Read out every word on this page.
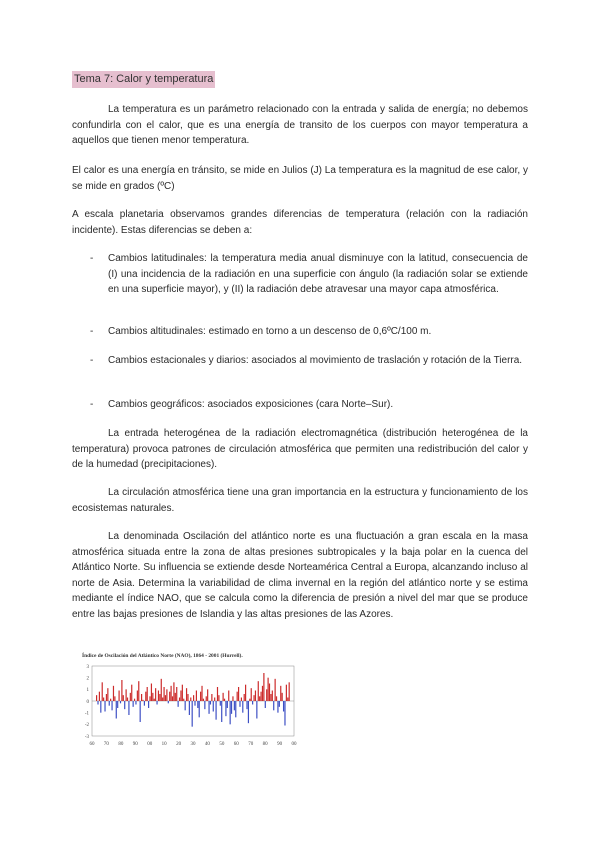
Tema 7: Calor y temperatura

La temperatura es un parámetro relacionado con la entrada y salida de energía; no debemos confundirla con el calor, que es una energía de transito de los cuerpos con mayor temperatura a aquellos que tienen menor temperatura.

El calor es una energía en tránsito, se mide en Julios (J) La temperatura es la magnitud de ese calor, y se mide en grados (ºC)

A escala planetaria observamos grandes diferencias de temperatura (relación con la radiación incidente). Estas diferencias se deben a:

- Cambios latitudinales: la temperatura media anual disminuye con la latitud, consecuencia de (I) una incidencia de la radiación en una superficie con ángulo (la radiación solar se extiende en una superficie mayor), y (II) la radiación debe atravesar una mayor capa atmosférica.

- Cambios altitudinales: estimado en torno a un descenso de 0,6ºC/100 m.

- Cambios estacionales y diarios: asociados al movimiento de traslación y rotación de la Tierra.

- Cambios geográficos: asociados exposiciones (cara Norte–Sur).

La entrada heterogénea de la radiación electromagnética (distribución heterogénea de la temperatura) provoca patrones de circulación atmosférica que permiten una redistribución del calor y de la humedad (precipitaciones).

La circulación atmosférica tiene una gran importancia en la estructura y funcionamiento de los ecosistemas naturales.

La denominada Oscilación del atlántico norte es una fluctuación a gran escala en la masa atmosférica situada entre la zona de altas presiones subtropicales y la baja polar en la cuenca del Atlántico Norte. Su influencia se extiende desde Norteamérica Central a Europa, alcanzando incluso al norte de Asia. Determina la variabilidad de clima invernal en la región del atlántico norte y se estima mediante el índice NAO, que se calcula como la diferencia de presión a nivel del mar que se produce entre las bajas presiones de Islandia y las altas presiones de las Azores.

Índice de Oscilación del Atlántico Norte (NAO), 1864 - 2001 (Hurrell).
3
2
1
0
-1
-2
-3
60 70 80 90 00 10 20 30 40 50 60 70 80 90 00
